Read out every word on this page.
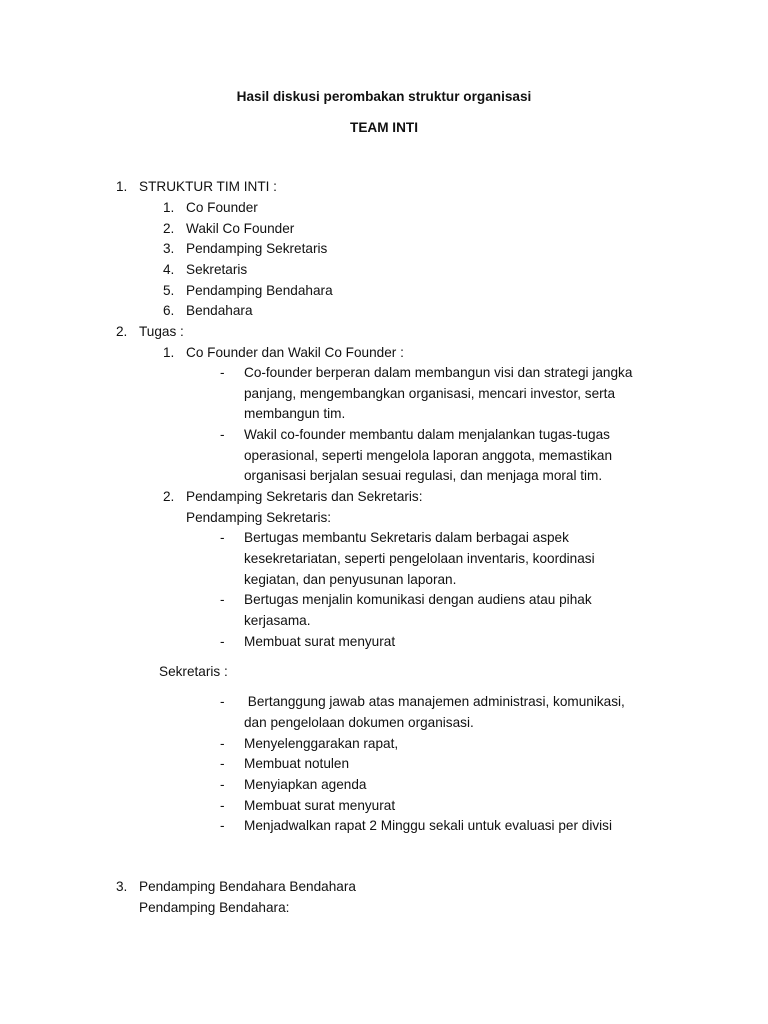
Hasil diskusi perombakan struktur organisasi
TEAM INTI
1. STRUKTUR TIM INTI :
1. Co Founder
2. Wakil Co Founder
3. Pendamping Sekretaris
4. Sekretaris
5. Pendamping Bendahara
6. Bendahara
2. Tugas :
1. Co Founder dan Wakil Co Founder :
- Co-founder berperan dalam membangun visi dan strategi jangka
panjang, mengembangkan organisasi, mencari investor, serta
membangun tim.
- Wakil co-founder membantu dalam menjalankan tugas-tugas
operasional, seperti mengelola laporan anggota, memastikan
organisasi berjalan sesuai regulasi, dan menjaga moral tim.
2. Pendamping Sekretaris dan Sekretaris:
Pendamping Sekretaris:
- Bertugas membantu Sekretaris dalam berbagai aspek
kesekretariatan, seperti pengelolaan inventaris, koordinasi
kegiatan, dan penyusunan laporan.
- Bertugas menjalin komunikasi dengan audiens atau pihak
kerjasama.
- Membuat surat menyurat
Sekretaris :
- Bertanggung jawab atas manajemen administrasi, komunikasi,
dan pengelolaan dokumen organisasi.
- Menyelenggarakan rapat,
- Membuat notulen
- Menyiapkan agenda
- Membuat surat menyurat
- Menjadwalkan rapat 2 Minggu sekali untuk evaluasi per divisi
3. Pendamping Bendahara Bendahara
Pendamping Bendahara:
